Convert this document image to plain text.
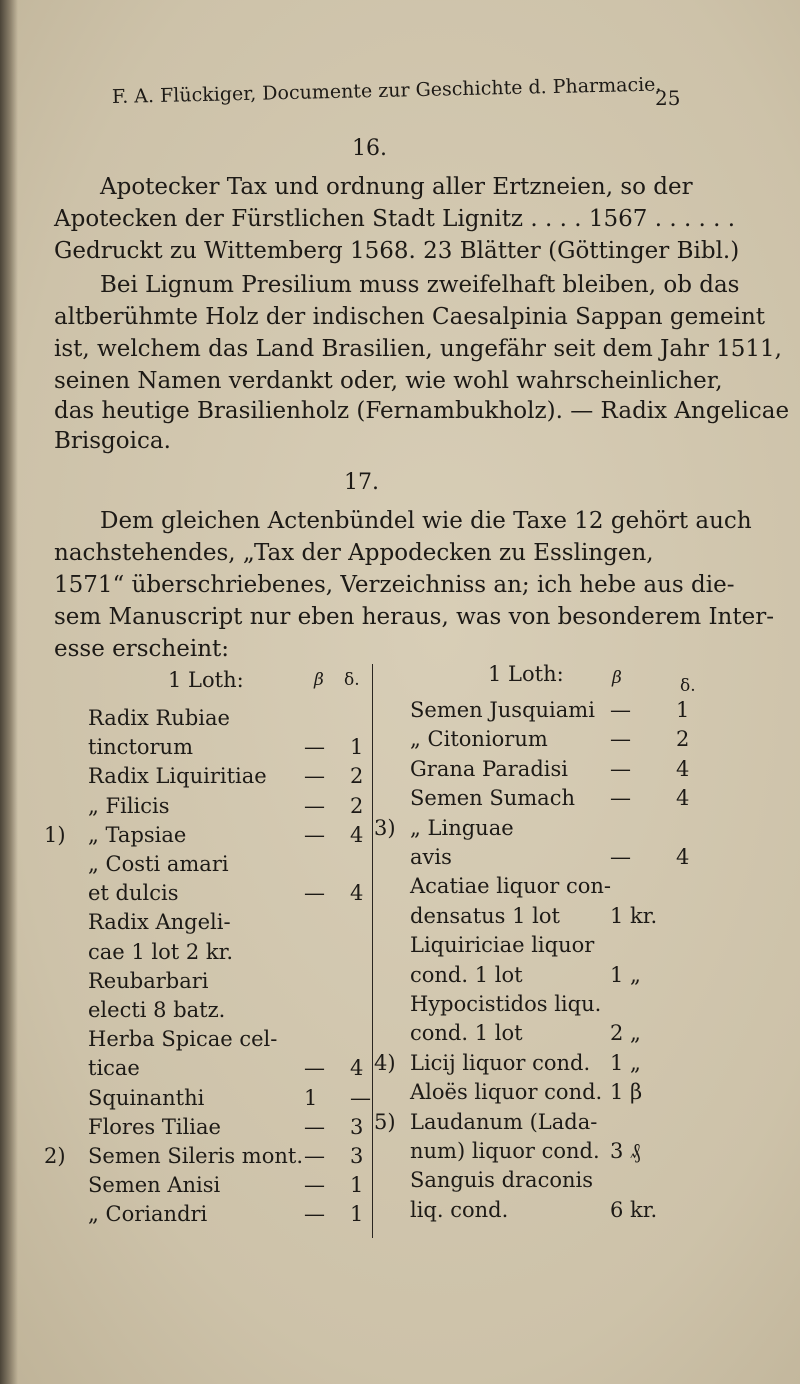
F. A. Flückiger, Documente zur Geschichte d. Pharmacie.
25
16.
Apotecker Tax und ordnung aller Ertzneien, so der
Apotecken der Fürstlichen Stadt Lignitz . . . . 1567 . . . . . .
Gedruckt zu Wittemberg 1568. 23 Blätter (Göttinger Bibl.)
Bei Lignum Presilium muss zweifelhaft bleiben, ob das
altberühmte Holz der indischen Caesalpinia Sappan gemeint
ist, welchem das Land Brasilien, ungefähr seit dem Jahr 1511,
seinen Namen verdankt oder, wie wohl wahrscheinlicher,
das heutige Brasilienholz (Fernambukholz). — Radix Angelicae
Brisgoica.
17.
Dem gleichen Actenbündel wie die Taxe 12 gehört auch
nachstehendes, „Tax der Appodecken zu Esslingen,
1571“ überschriebenes, Verzeichniss an; ich hebe aus die-
sem Manuscript nur eben heraus, was von besonderem Inter-
esse erscheint:
1 Loth:	β δ.	1 Loth:	β	δ.
Radix Rubiae
tinctorum	— 1
Radix Liquiritiae — 2
„ Filicis	— 2
1) „ Tapsiae	— 4
„ Costi amari
et dulcis	— 4
Radix Angeli-
cae 1 lot 2 kr.
Reubarbari
electi 8 batz.
Herba Spicae cel-
ticae	— 4
Squinanthi	1 —
Flores Tiliae	— 3
2) Semen Sileris mont. — 3
Semen Anisi	— 1
„ Coriandri	— 1
Semen Jusquiami — 1
„ Citoniorum	— 2
Grana Paradisi — 4
Semen Sumach — 4
3) „ Linguae
avis	— 4
Acatiae liquor con-
densatus 1 lot 1 kr.
Liquiriciae liquor
cond. 1 lot	1 „
Hypocistidos liqu.
cond. 1 lot	2 „
4) Licij liquor cond. 1 „
Aloës liquor cond. 1 β
5) Laudanum (Lada-
num) liquor cond. 3 ₰
Sanguis draconis
liq. cond.	6 kr.
